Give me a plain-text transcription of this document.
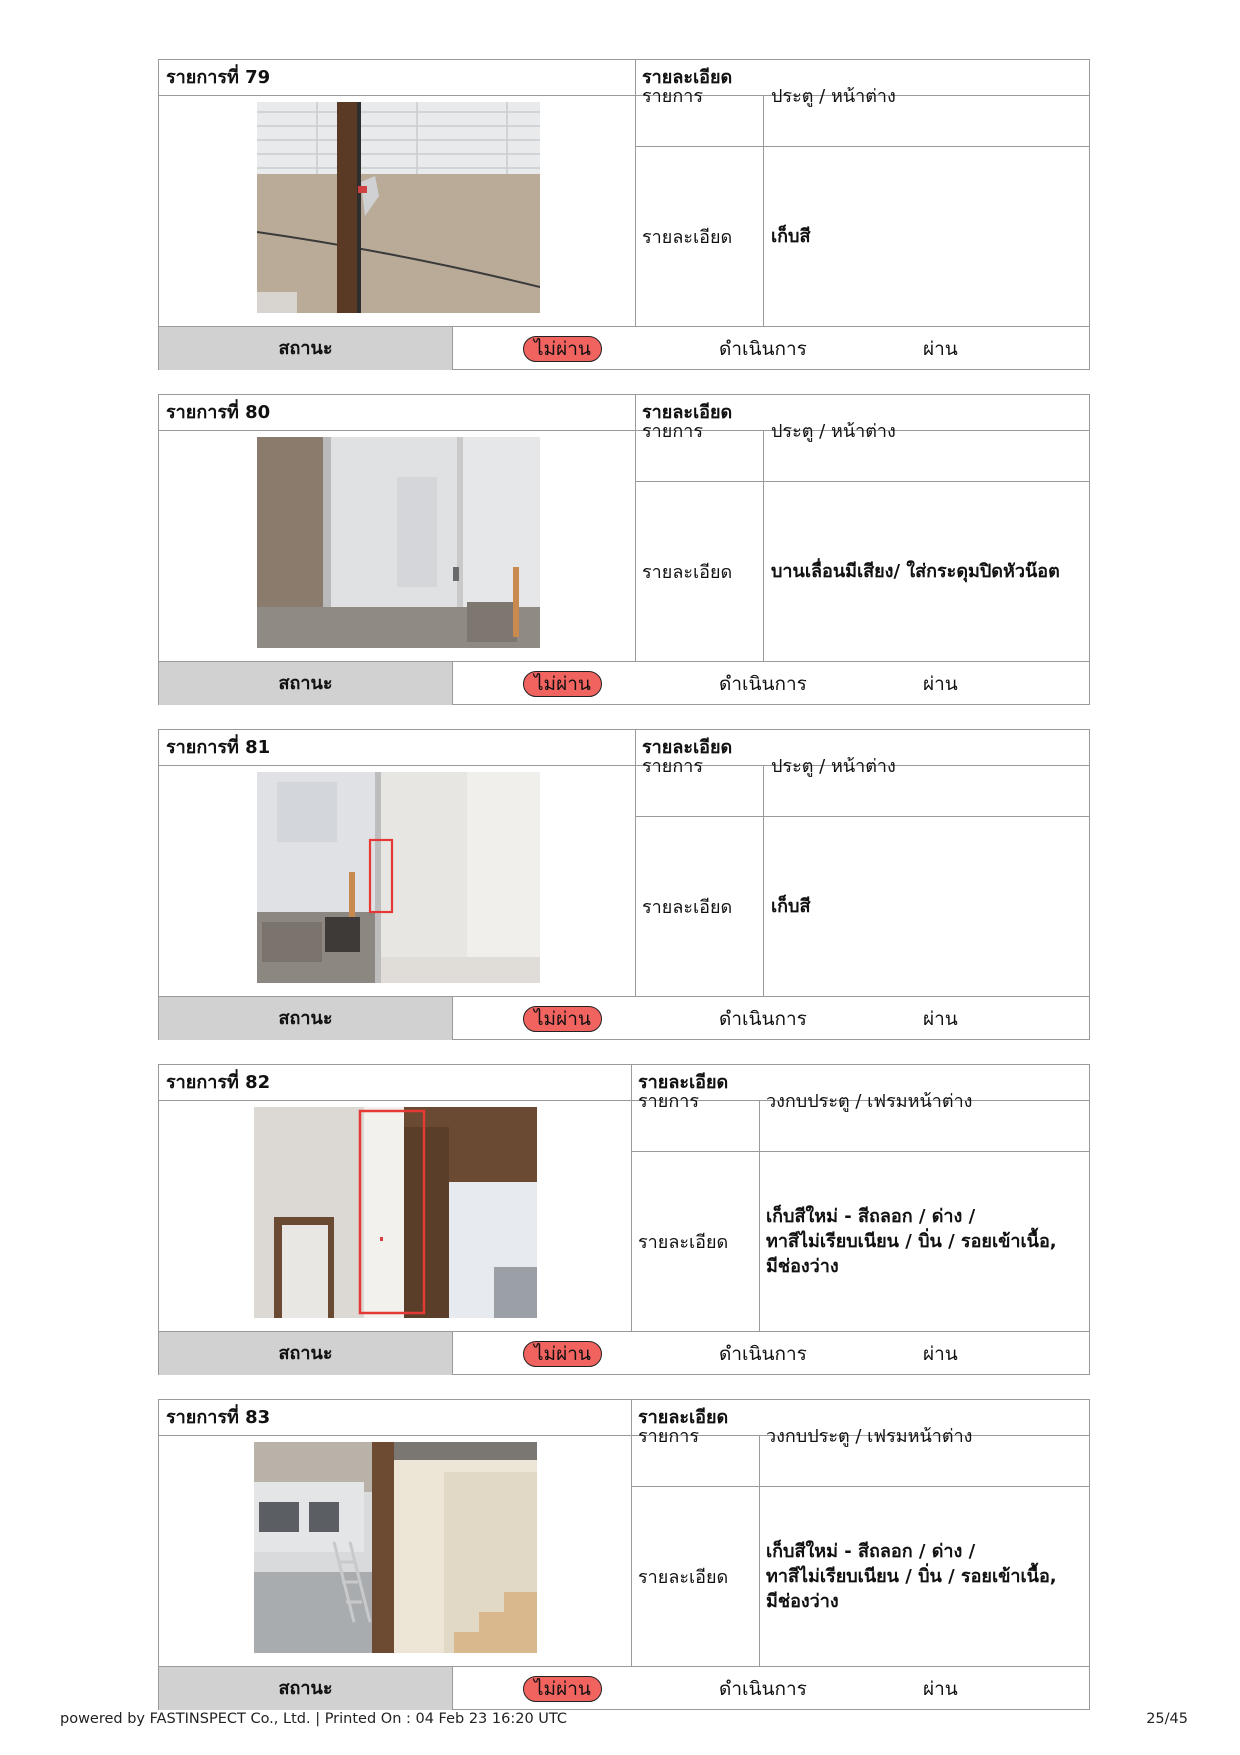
รายการที่ 79	รายละเอียด
รายการ	ประตู / หน้าต่าง
รายละเอียด เก็บสี
สถานะ	ไม่ผ่าน	ดำเนินการ	ผ่าน
รายการที่ 80	รายละเอียด
รายการ	ประตู / หน้าต่าง
รายละเอียด บานเลื่อนมีเสียง/ ใส่กระดุมปิดหัวน๊อต
สถานะ	ไม่ผ่าน	ดำเนินการ	ผ่าน
รายการที่ 81	รายละเอียด
รายการ	ประตู / หน้าต่าง
รายละเอียด เก็บสี
สถานะ	ไม่ผ่าน	ดำเนินการ	ผ่าน
รายการที่ 82	รายละเอียด
รายการ	วงกบประตู / เฟรมหน้าต่าง
รายละเอียด
เก็บสีใหม่ - สีถลอก / ด่าง /
ทาสีไม่เรียบเนียน / บิ่น / รอยเข้าเนื้อ,
มีช่องว่าง
สถานะ	ไม่ผ่าน	ดำเนินการ	ผ่าน
รายการที่ 83	รายละเอียด
รายการ	วงกบประตู / เฟรมหน้าต่าง
รายละเอียด
เก็บสีใหม่ - สีถลอก / ด่าง /
ทาสีไม่เรียบเนียน / บิ่น / รอยเข้าเนื้อ,
มีช่องว่าง
สถานะ	ไม่ผ่าน	ดำเนินการ	ผ่าน
powered by FASTINSPECT Co., Ltd. | Printed On : 04 Feb 23 16:20 UTC	25/45
